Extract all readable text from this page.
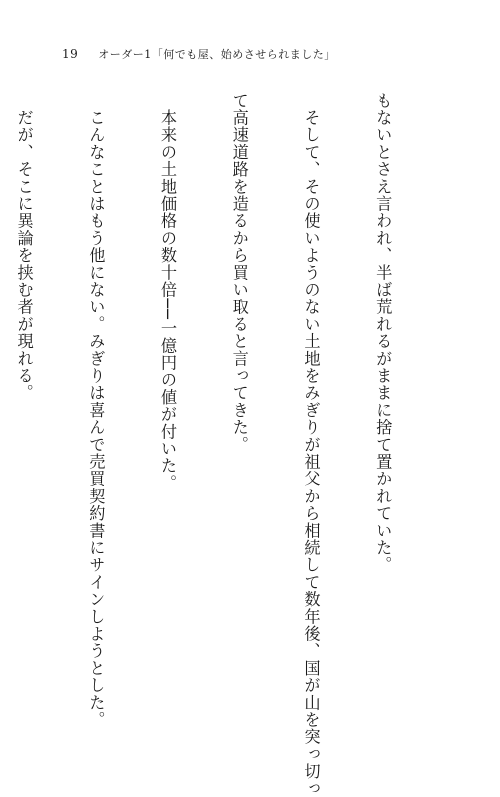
19 オーダー1「何でも屋、始めさせられました」

もないとさえ言われ、半ば荒れるがままに捨て置かれていた。

　そして、その使いようのない土地をみぎりが祖父から相続して数年後、国が山を突っ切っ

て高速道路を造るから買い取ると言ってきた。

　本来の土地価格の数十倍──一億円の値が付いた。

　こんなことはもう他にない。みぎりは喜んで売買契約書にサインしようとした。

　だが、そこに異論を挟む者が現れる。
